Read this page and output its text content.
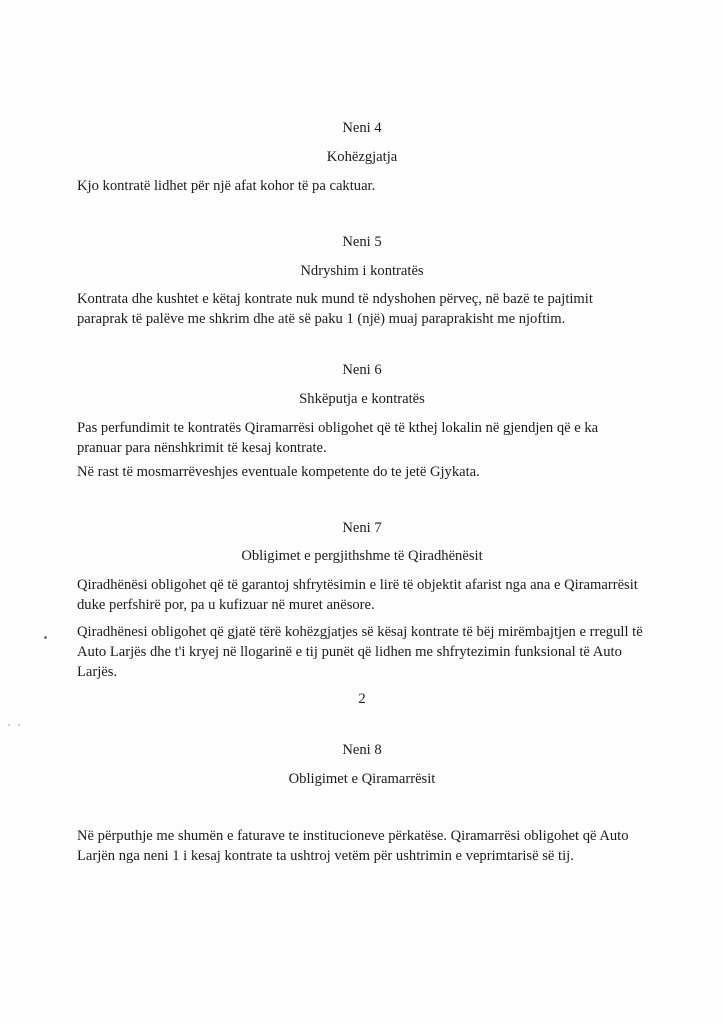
Neni 4
Kohëzgjatja
Kjo kontratë lidhet për një afat kohor të pa caktuar.
Neni 5
Ndryshim i kontratës
Kontrata dhe kushtet e këtaj kontrate nuk mund të ndyshohen përveç, në bazë te pajtimit
paraprak të palëve me shkrim dhe atë së paku 1 (një) muaj paraprakisht me njoftim.
Neni 6
Shkëputja e kontratës
Pas perfundimit te kontratës Qiramarrësi obligohet që të kthej lokalin në gjendjen që e ka
pranuar para nënshkrimit të kesaj kontrate.
Në rast të mosmarrëveshjes eventuale kompetente do te jetë Gjykata.
Neni 7
Obligimet e pergjithshme të Qiradhënësit
Qiradhënësi obligohet që të garantoj shfrytësimin e lirë të objektit afarist nga ana e Qiramarrësit
duke perfshirë por, pa u kufizuar në muret anësore.
Qiradhënesi obligohet që gjatë tërë kohëzgjatjes së kësaj kontrate të bëj mirëmbajtjen e rregull të
Auto Larjës dhe t'i kryej në llogarinë e tij punët që lidhen me shfrytezimin funksional të Auto
Larjës.
2
Neni 8
Obligimet e Qiramarrësit
Në përputhje me shumën e faturave te institucioneve përkatëse. Qiramarrësi obligohet që Auto
Larjën nga neni 1 i kesaj kontrate ta ushtroj vetëm për ushtrimin e veprimtarisë së tij.
